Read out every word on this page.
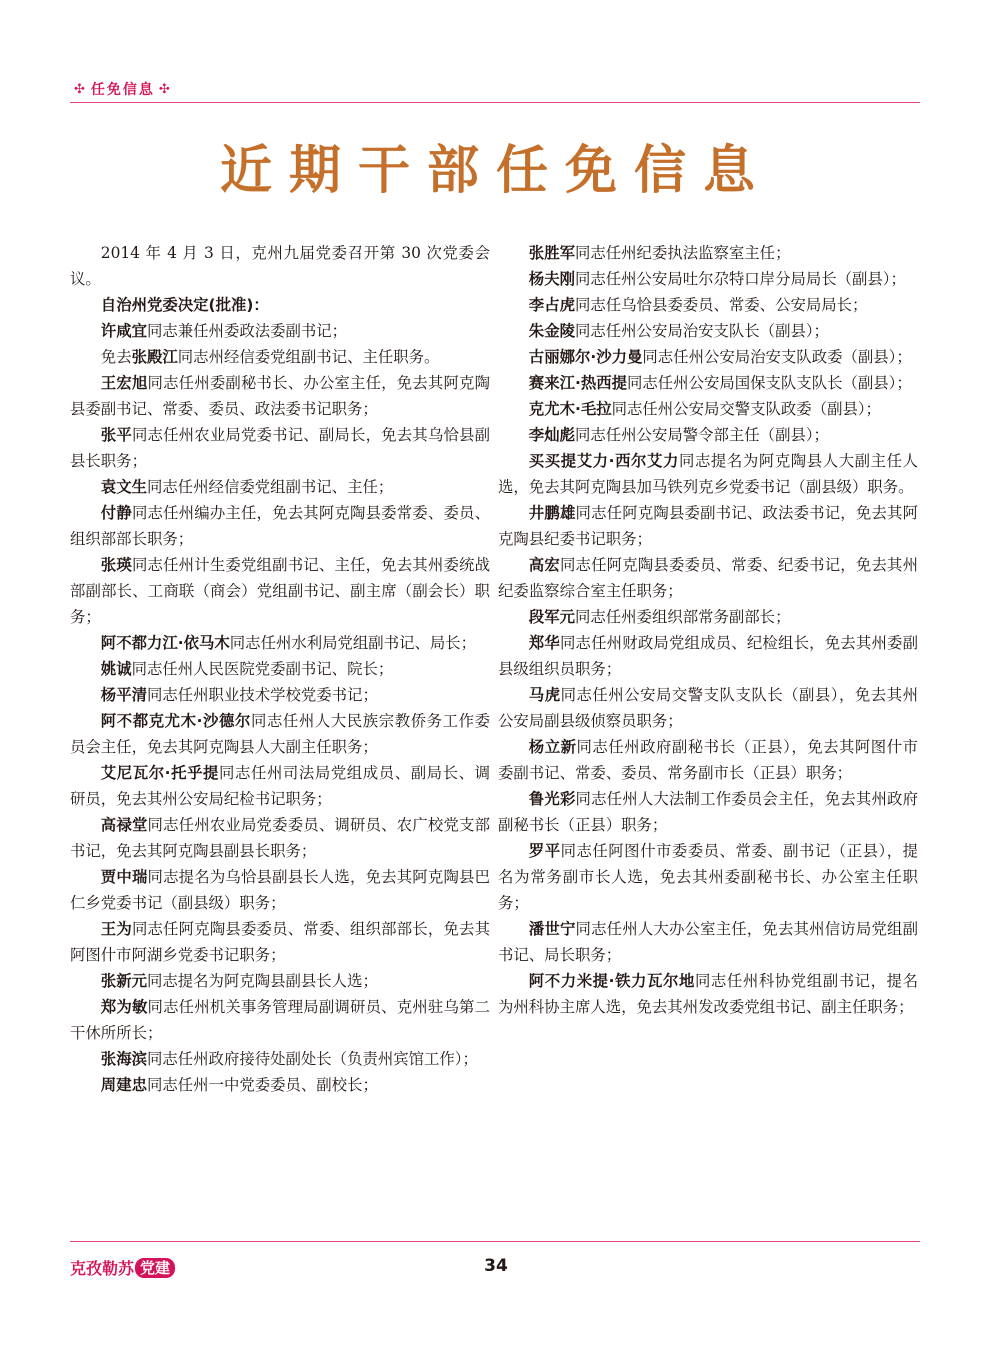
✣ 任免信息 ✣
近期干部任免信息

2014 年 4 月 3 日，克州九届党委召开第 30 次党委会议。

自治州党委决定(批准)：

许咸宜同志兼任州委政法委副书记；

免去张殿江同志州经信委党组副书记、主任职务。

王宏旭同志任州委副秘书长、办公室主任，免去其阿克陶县委副书记、常委、委员、政法委书记职务；

张平同志任州农业局党委书记、副局长，免去其乌恰县副县长职务；

袁文生同志任州经信委党组副书记、主任；

付静同志任州编办主任，免去其阿克陶县委常委、委员、组织部部长职务；

张瑛同志任州计生委党组副书记、主任，免去其州委统战部副部长、工商联（商会）党组副书记、副主席（副会长）职务；

阿不都力江·依马木同志任州水利局党组副书记、局长；

姚诚同志任州人民医院党委副书记、院长；

杨平清同志任州职业技术学校党委书记；

阿不都克尤木·沙德尔同志任州人大民族宗教侨务工作委员会主任，免去其阿克陶县人大副主任职务；

艾尼瓦尔·托乎提同志任州司法局党组成员、副局长、调研员，免去其州公安局纪检书记职务；

高禄堂同志任州农业局党委委员、调研员、农广校党支部书记，免去其阿克陶县副县长职务；

贾中瑞同志提名为乌恰县副县长人选，免去其阿克陶县巴仁乡党委书记（副县级）职务；

王为同志任阿克陶县委委员、常委、组织部部长，免去其阿图什市阿湖乡党委书记职务；

张新元同志提名为阿克陶县副县长人选；

郑为敏同志任州机关事务管理局副调研员、克州驻乌第二干休所所长；

张海滨同志任州政府接待处副处长（负责州宾馆工作）；

周建忠同志任州一中党委委员、副校长；

张胜军同志任州纪委执法监察室主任；

杨夫刚同志任州公安局吐尔尕特口岸分局局长（副县）；

李占虎同志任乌恰县委委员、常委、公安局局长；

朱金陵同志任州公安局治安支队长（副县）；

古丽娜尔·沙力曼同志任州公安局治安支队政委（副县）；

赛来江·热西提同志任州公安局国保支队支队长（副县）；

克尤木·毛拉同志任州公安局交警支队政委（副县）；

李灿彪同志任州公安局警令部主任（副县）；

买买提艾力·西尔艾力同志提名为阿克陶县人大副主任人选，免去其阿克陶县加马铁列克乡党委书记（副县级）职务。

井鹏雄同志任阿克陶县委副书记、政法委书记，免去其阿克陶县纪委书记职务；

高宏同志任阿克陶县委委员、常委、纪委书记，免去其州纪委监察综合室主任职务；

段军元同志任州委组织部常务副部长；

郑华同志任州财政局党组成员、纪检组长，免去其州委副县级组织员职务；

马虎同志任州公安局交警支队支队长（副县），免去其州公安局副县级侦察员职务；

杨立新同志任州政府副秘书长（正县），免去其阿图什市委副书记、常委、委员、常务副市长（正县）职务；

鲁光彩同志任州人大法制工作委员会主任，免去其州政府副秘书长（正县）职务；

罗平同志任阿图什市委委员、常委、副书记（正县），提名为常务副市长人选，免去其州委副秘书长、办公室主任职务；

潘世宁同志任州人大办公室主任，免去其州信访局党组副书记、局长职务；

阿不力米提·铁力瓦尔地同志任州科协党组副书记，提名为州科协主席人选，免去其州发改委党组书记、副主任职务；

克孜勒苏 党建	34
